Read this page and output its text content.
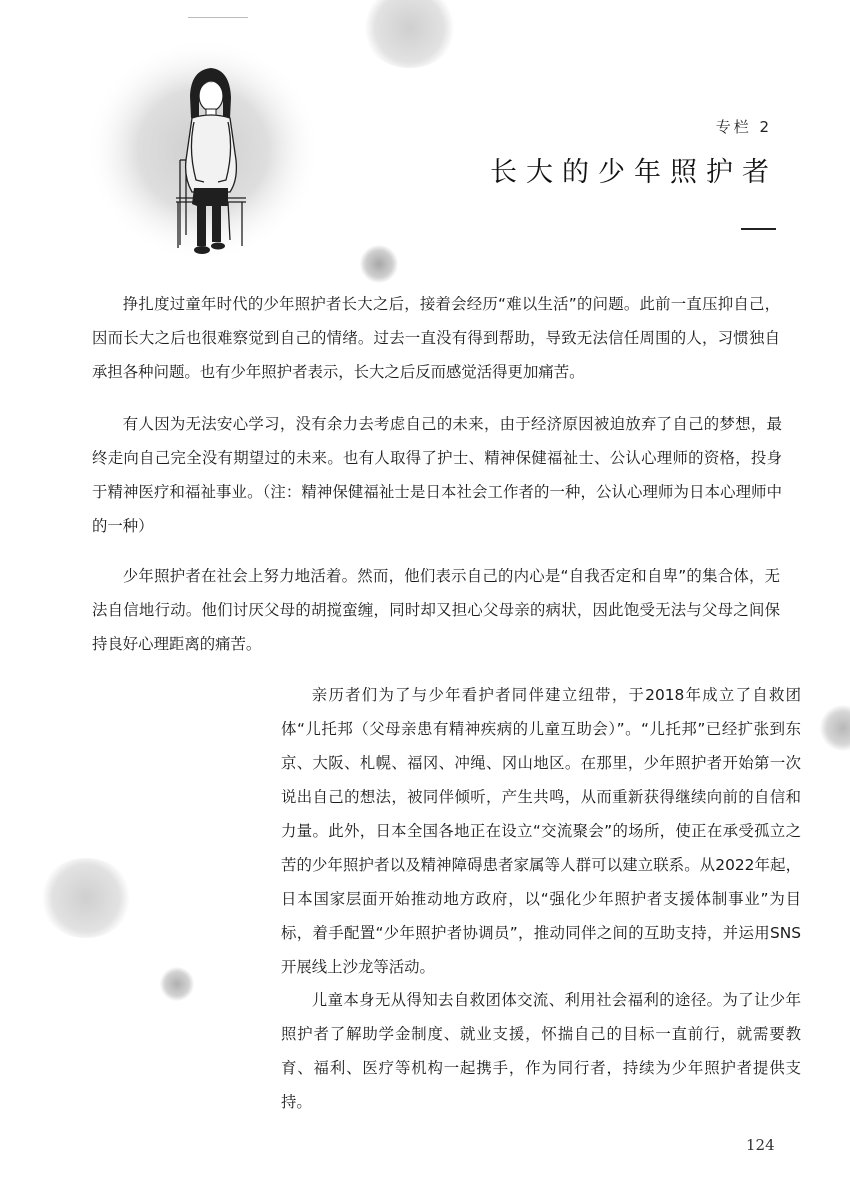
专栏 2
长大的少年照护者

挣扎度过童年时代的少年照护者长大之后，接着会经历“难以生活”的问题。此前一直压抑自己，因而长大之后也很难察觉到自己的情绪。过去一直没有得到帮助，导致无法信任周围的人，习惯独自承担各种问题。也有少年照护者表示，长大之后反而感觉活得更加痛苦。

有人因为无法安心学习，没有余力去考虑自己的未来，由于经济原因被迫放弃了自己的梦想，最终走向自己完全没有期望过的未来。也有人取得了护士、精神保健福祉士、公认心理师的资格，投身于精神医疗和福祉事业。（注：精神保健福祉士是日本社会工作者的一种，公认心理师为日本心理师中的一种）

少年照护者在社会上努力地活着。然而，他们表示自己的内心是“自我否定和自卑”的集合体，无法自信地行动。他们讨厌父母的胡搅蛮缠，同时却又担心父母亲的病状，因此饱受无法与父母之间保持良好心理距离的痛苦。

亲历者们为了与少年看护者同伴建立纽带，于2018年成立了自救团体“儿托邦（父母亲患有精神疾病的儿童互助会）”。“儿托邦”已经扩张到东京、大阪、札幌、福冈、冲绳、冈山地区。在那里，少年照护者开始第一次说出自己的想法，被同伴倾听，产生共鸣，从而重新获得继续向前的自信和力量。此外，日本全国各地正在设立“交流聚会”的场所，使正在承受孤立之苦的少年照护者以及精神障碍患者家属等人群可以建立联系。从2022年起，日本国家层面开始推动地方政府，以“强化少年照护者支援体制事业”为目标，着手配置“少年照护者协调员”，推动同伴之间的互助支持，并运用SNS开展线上沙龙等活动。

儿童本身无从得知去自救团体交流、利用社会福利的途径。为了让少年照护者了解助学金制度、就业支援，怀揣自己的目标一直前行，就需要教育、福利、医疗等机构一起携手，作为同行者，持续为少年照护者提供支持。

124
